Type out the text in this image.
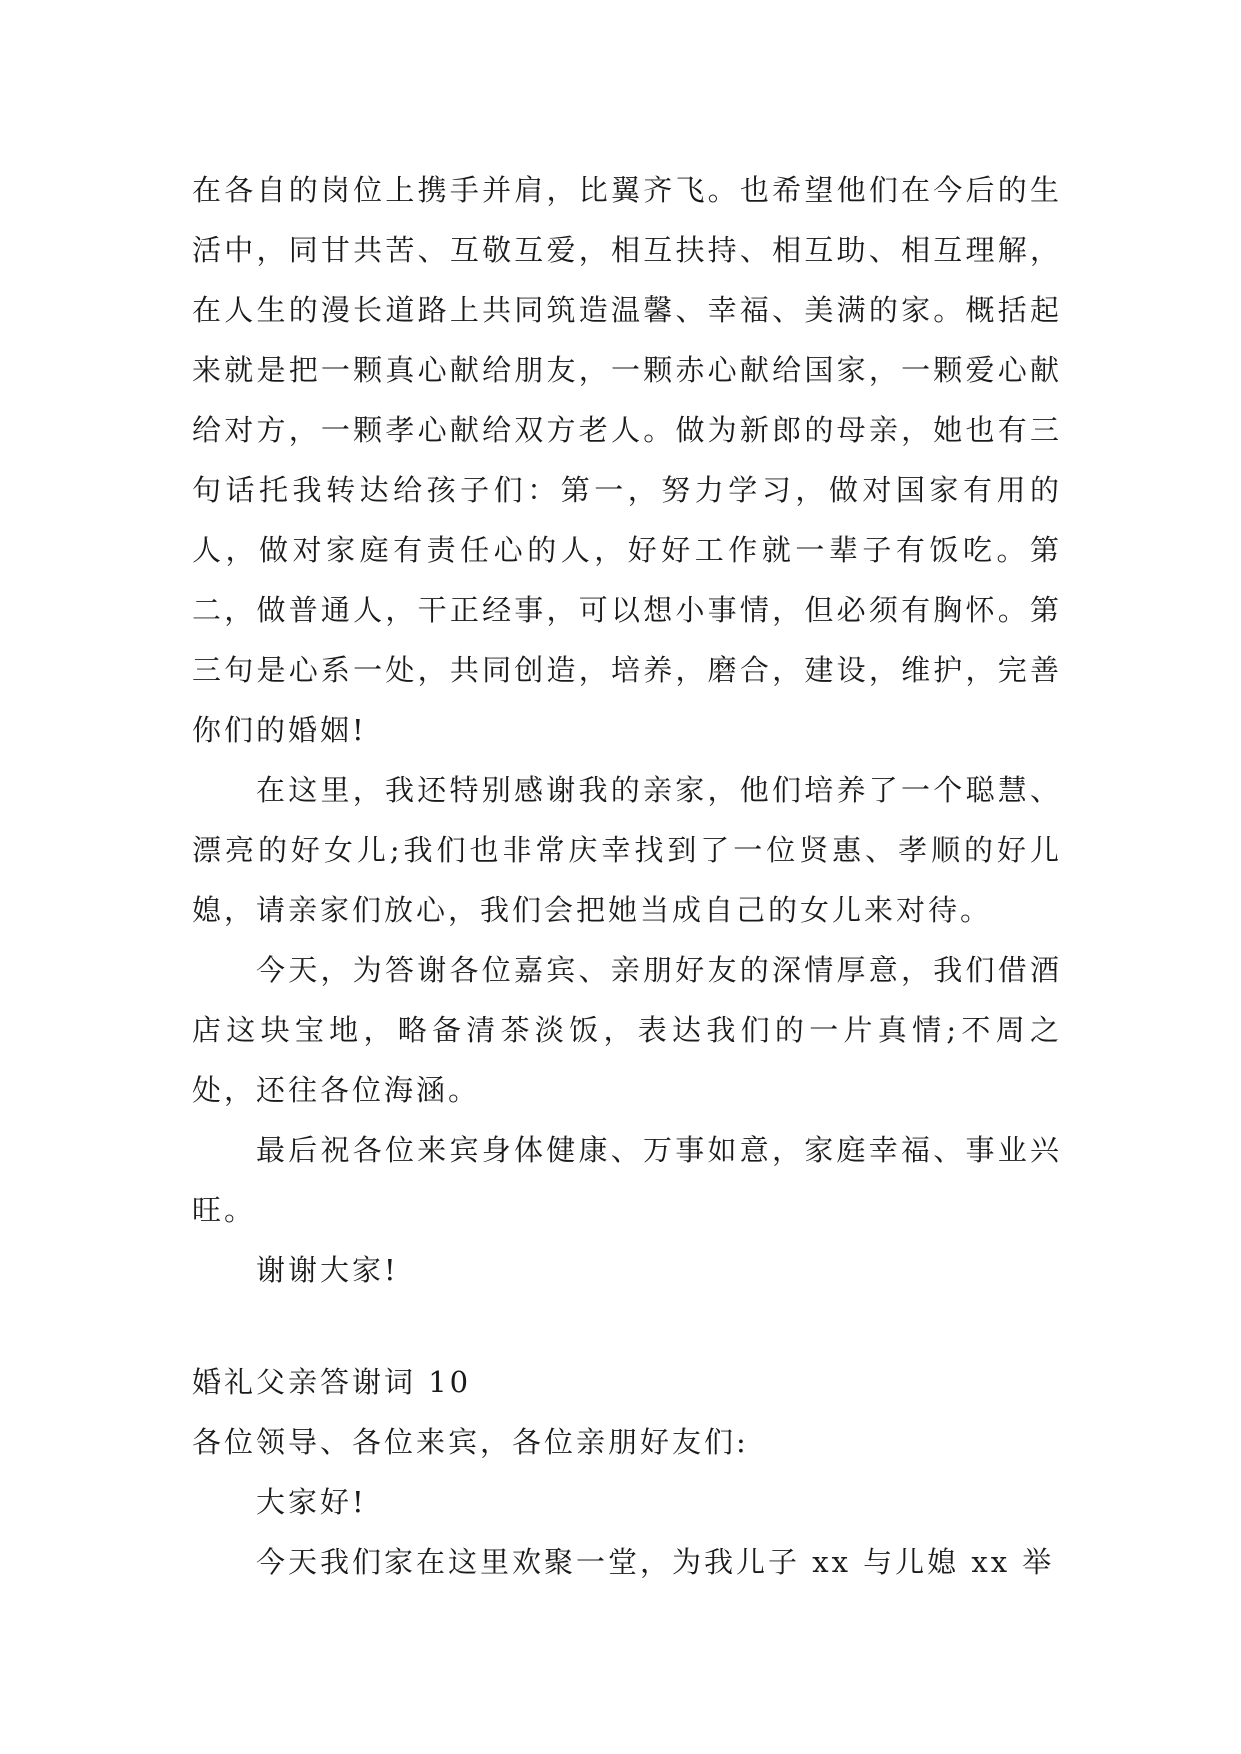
在各自的岗位上携手并肩，比翼齐飞。也希望他们在今后的生活中，同甘共苦、互敬互爱，相互扶持、相互助、相互理解，在人生的漫长道路上共同筑造温馨、幸福、美满的家。概括起来就是把一颗真心献给朋友，一颗赤心献给国家，一颗爱心献给对方，一颗孝心献给双方老人。做为新郎的母亲，她也有三句话托我转达给孩子们：第一，努力学习，做对国家有用的人，做对家庭有责任心的人，好好工作就一辈子有饭吃。第二，做普通人，干正经事，可以想小事情，但必须有胸怀。第三句是心系一处，共同创造，培养，磨合，建设，维护，完善你们的婚姻!

在这里，我还特别感谢我的亲家，他们培养了一个聪慧、漂亮的好女儿;我们也非常庆幸找到了一位贤惠、孝顺的好儿媳，请亲家们放心，我们会把她当成自己的女儿来对待。

今天，为答谢各位嘉宾、亲朋好友的深情厚意，我们借酒店这块宝地，略备清茶淡饭，表达我们的一片真情;不周之处，还往各位海涵。

最后祝各位来宾身体健康、万事如意，家庭幸福、事业兴旺。

谢谢大家!

婚礼父亲答谢词 10

各位领导、各位来宾，各位亲朋好友们:

大家好!

今天我们家在这里欢聚一堂，为我儿子 xx 与儿媳 xx 举
